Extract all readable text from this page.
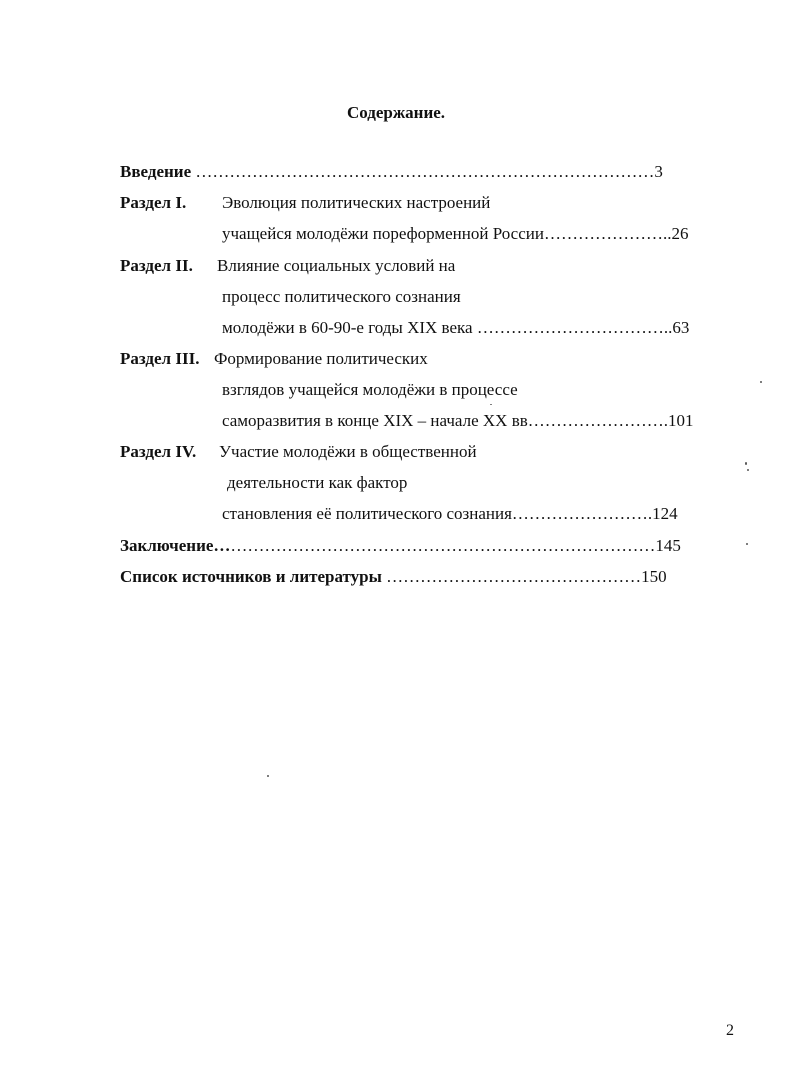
Содержание.
Введение ………………………………………………………………………3
Раздел I. Эволюция политических настроений
учащейся молодёжи пореформенной России…………………..26
Раздел II. Влияние социальных условий на
процесс политического сознания
молодёжи в 60-90-е годы XIX века ……………………………..63
Раздел III. Формирование политических
взглядов учащейся молодёжи в процессе
саморазвития в конце XIX – начале XX вв…………………….101
Раздел IV. Участие молодёжи в общественной
деятельности как фактор
становления её политического сознания…………………….124
Заключение……………………………………………………………………145
Список источников и литературы ………………………………………150
2
